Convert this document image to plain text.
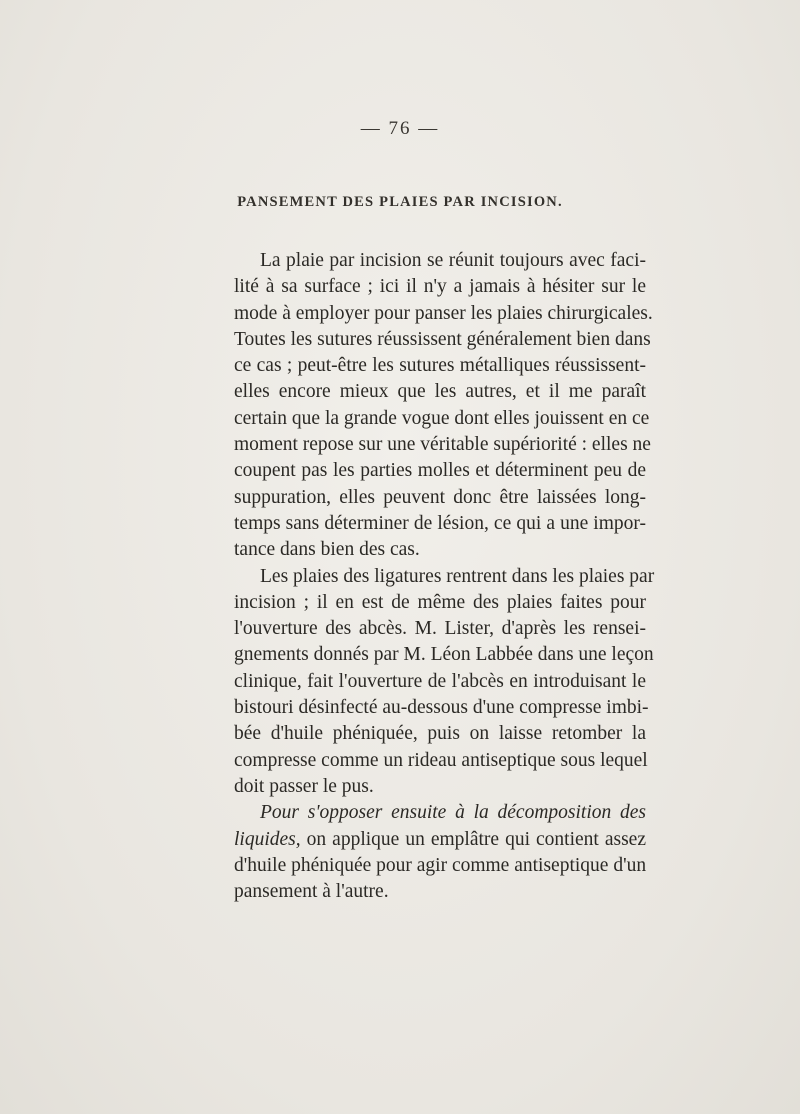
— 76 —
PANSEMENT DES PLAIES PAR INCISION.
La plaie par incision se réunit toujours avec faci-
lité à sa surface ; ici il n'y a jamais à hésiter sur le
mode à employer pour panser les plaies chirurgicales.
Toutes les sutures réussissent généralement bien dans
ce cas ; peut-être les sutures métalliques réussissent-
elles encore mieux que les autres, et il me paraît
certain que la grande vogue dont elles jouissent en ce
moment repose sur une véritable supériorité : elles ne
coupent pas les parties molles et déterminent peu de
suppuration, elles peuvent donc être laissées long-
temps sans déterminer de lésion, ce qui a une impor-
tance dans bien des cas.
Les plaies des ligatures rentrent dans les plaies par
incision ; il en est de même des plaies faites pour
l'ouverture des abcès. M. Lister, d'après les rensei-
gnements donnés par M. Léon Labbée dans une leçon
clinique, fait l'ouverture de l'abcès en introduisant le
bistouri désinfecté au-dessous d'une compresse imbi-
bée d'huile phéniquée, puis on laisse retomber la
compresse comme un rideau antiseptique sous lequel
doit passer le pus.
Pour s'opposer ensuite à la décomposition des
liquides, on applique un emplâtre qui contient assez
d'huile phéniquée pour agir comme antiseptique d'un
pansement à l'autre.
